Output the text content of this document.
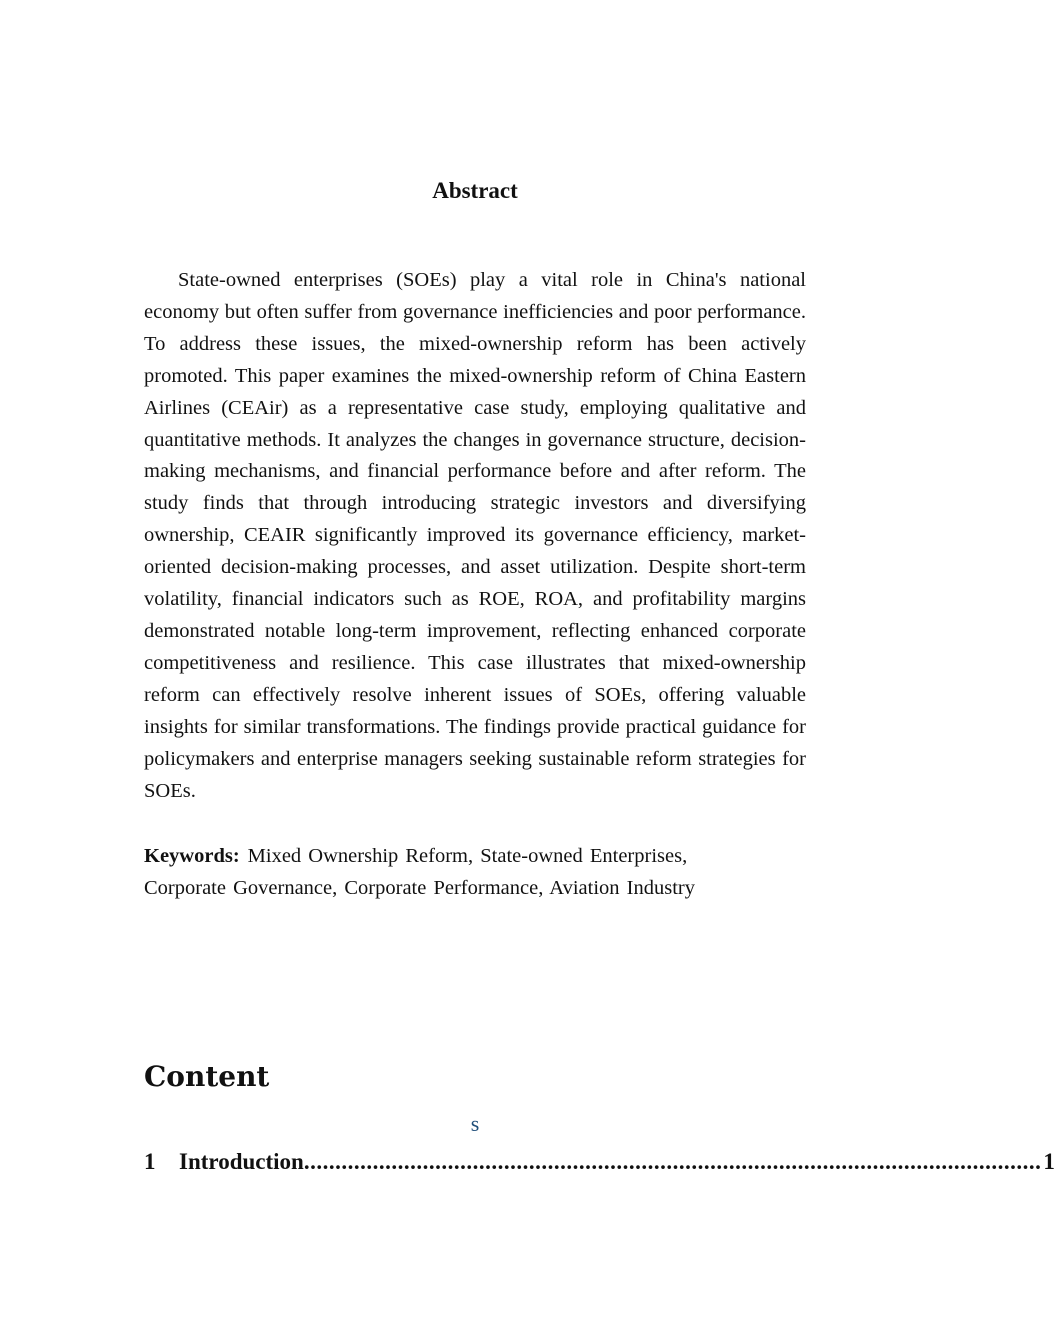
Abstract

State-owned enterprises (SOEs) play a vital role in China's national economy but often suffer from governance inefficiencies and poor performance. To address these issues, the mixed-ownership reform has been actively promoted. This paper examines the mixed-ownership reform of China Eastern Airlines (CEAir) as a representative case study, employing qualitative and quantitative methods. It analyzes the changes in governance structure, decision-making mechanisms, and financial performance before and after reform. The study finds that through introducing strategic investors and diversifying ownership, CEAIR significantly improved its governance efficiency, market-oriented decision-making processes, and asset utilization. Despite short-term volatility, financial indicators such as ROE, ROA, and profitability margins demonstrated notable long-term improvement, reflecting enhanced corporate competitiveness and resilience. This case illustrates that mixed-ownership reform can effectively resolve inherent issues of SOEs, offering valuable insights for similar transformations. The findings provide practical guidance for policymakers and enterprise managers seeking sustainable reform strategies for SOEs.

Keywords: Mixed Ownership Reform, State-owned Enterprises,
Corporate Governance, Corporate Performance, Aviation Industry

Content
s
1	Introduction ...................................................................................................................... 1
